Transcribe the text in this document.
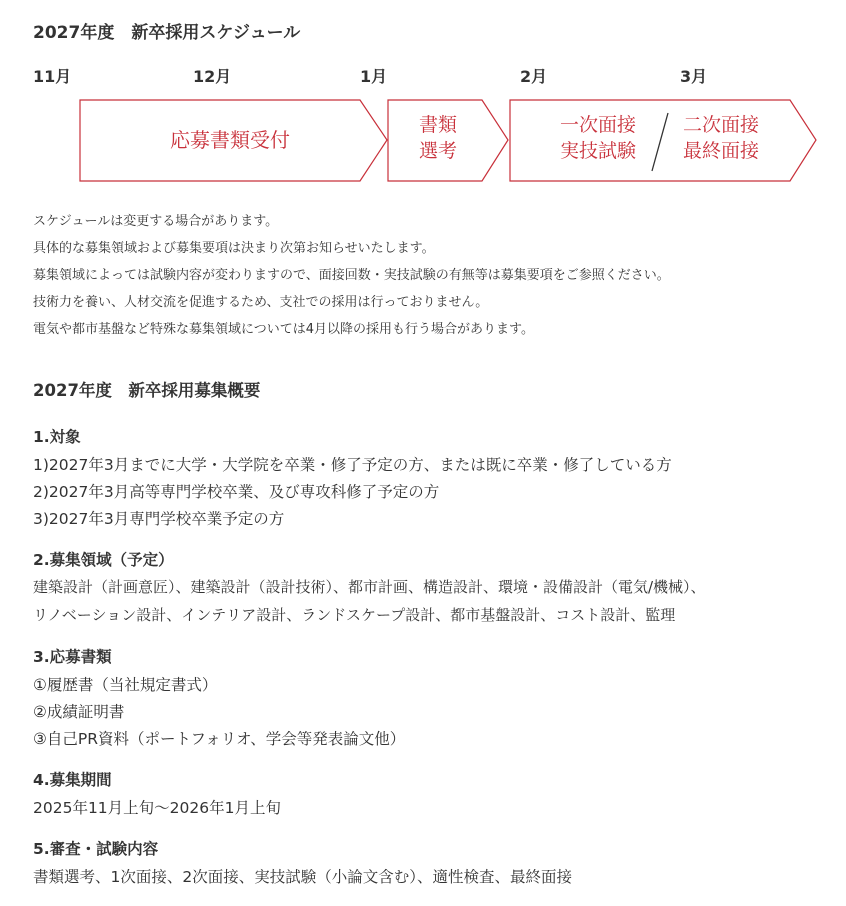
2027年度　新卒採用スケジュール
11月	12月	1月	2月	3月
応募書類受付
書類
選考
一次面接
実技試験
二次面接
最終面接
スケジュールは変更する場合があります。
具体的な募集領域および募集要項は決まり次第お知らせいたします。
募集領域によっては試験内容が変わりますので、面接回数・実技試験の有無等は募集要項をご参照ください。
技術力を養い、人材交流を促進するため、支社での採用は行っておりません。
電気や都市基盤など特殊な募集領域については4月以降の採用も行う場合があります。
2027年度　新卒採用募集概要
1.対象
1)2027年3月までに大学・大学院を卒業・修了予定の方、または既に卒業・修了している方
2)2027年3月高等専門学校卒業、及び専攻科修了予定の方
3)2027年3月専門学校卒業予定の方
2.募集領域（予定）
建築設計（計画意匠）、建築設計（設計技術）、都市計画、構造設計、環境・設備設計（電気/機械）、
リノベーション設計、インテリア設計、ランドスケープ設計、都市基盤設計、コスト設計、監理
3.応募書類
①履歴書（当社規定書式）
②成績証明書
③自己PR資料（ポートフォリオ、学会等発表論文他）
4.募集期間
2025年11月上旬～2026年1月上旬
5.審査・試験内容
書類選考、1次面接、2次面接、実技試験（小論文含む）、適性検査、最終面接
